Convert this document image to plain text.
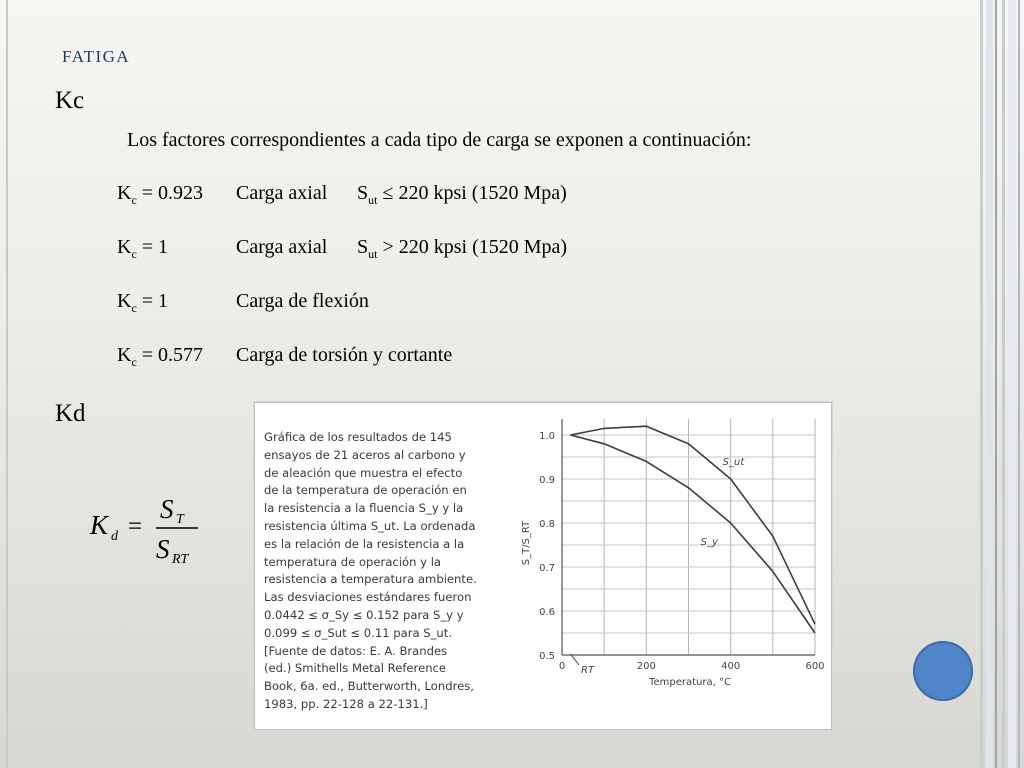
FATIGA
Kc
Los factores correspondientes a cada tipo de carga se exponen a continuación:
$K_c = 0.923$ Carga axial $S_{ut} \le 220$ kpsi (1520 Mpa)
$K_c = 1$	Carga axial $S_{ut} > 220$ kpsi (1520 Mpa)
$K_c = 1$	Carga de flexión
$K_c = 0.577$ Carga de torsión y cortante
Kd
K d =
S T
S RT
Gráfica de los resultados de 145
ensayos de 21 aceros al carbono y
de aleación que muestra el efecto
de la temperatura de operación en
la resistencia a la fluencia S_y y la
resistencia última S_ut. La ordenada
es la relación de la resistencia a la
temperatura de operación y la
resistencia a temperatura ambiente.
Las desviaciones estándares fueron
0.0442 ≤ σ_Sy ≤ 0.152 para S_y y
0.099 ≤ σ_Sut ≤ 0.11 para S_ut.
[Fuente de datos: E. A. Brandes
(ed.) Smithells Metal Reference
Book, 6a. ed., Butterworth, Londres,
1983, pp. 22-128 a 22-131.]
0.5
0.6
0.7
0.8
0.9
1.0
0	200	400	600
Temperatura, °C
S_T/S_RT
RT
S_ut
S_y
